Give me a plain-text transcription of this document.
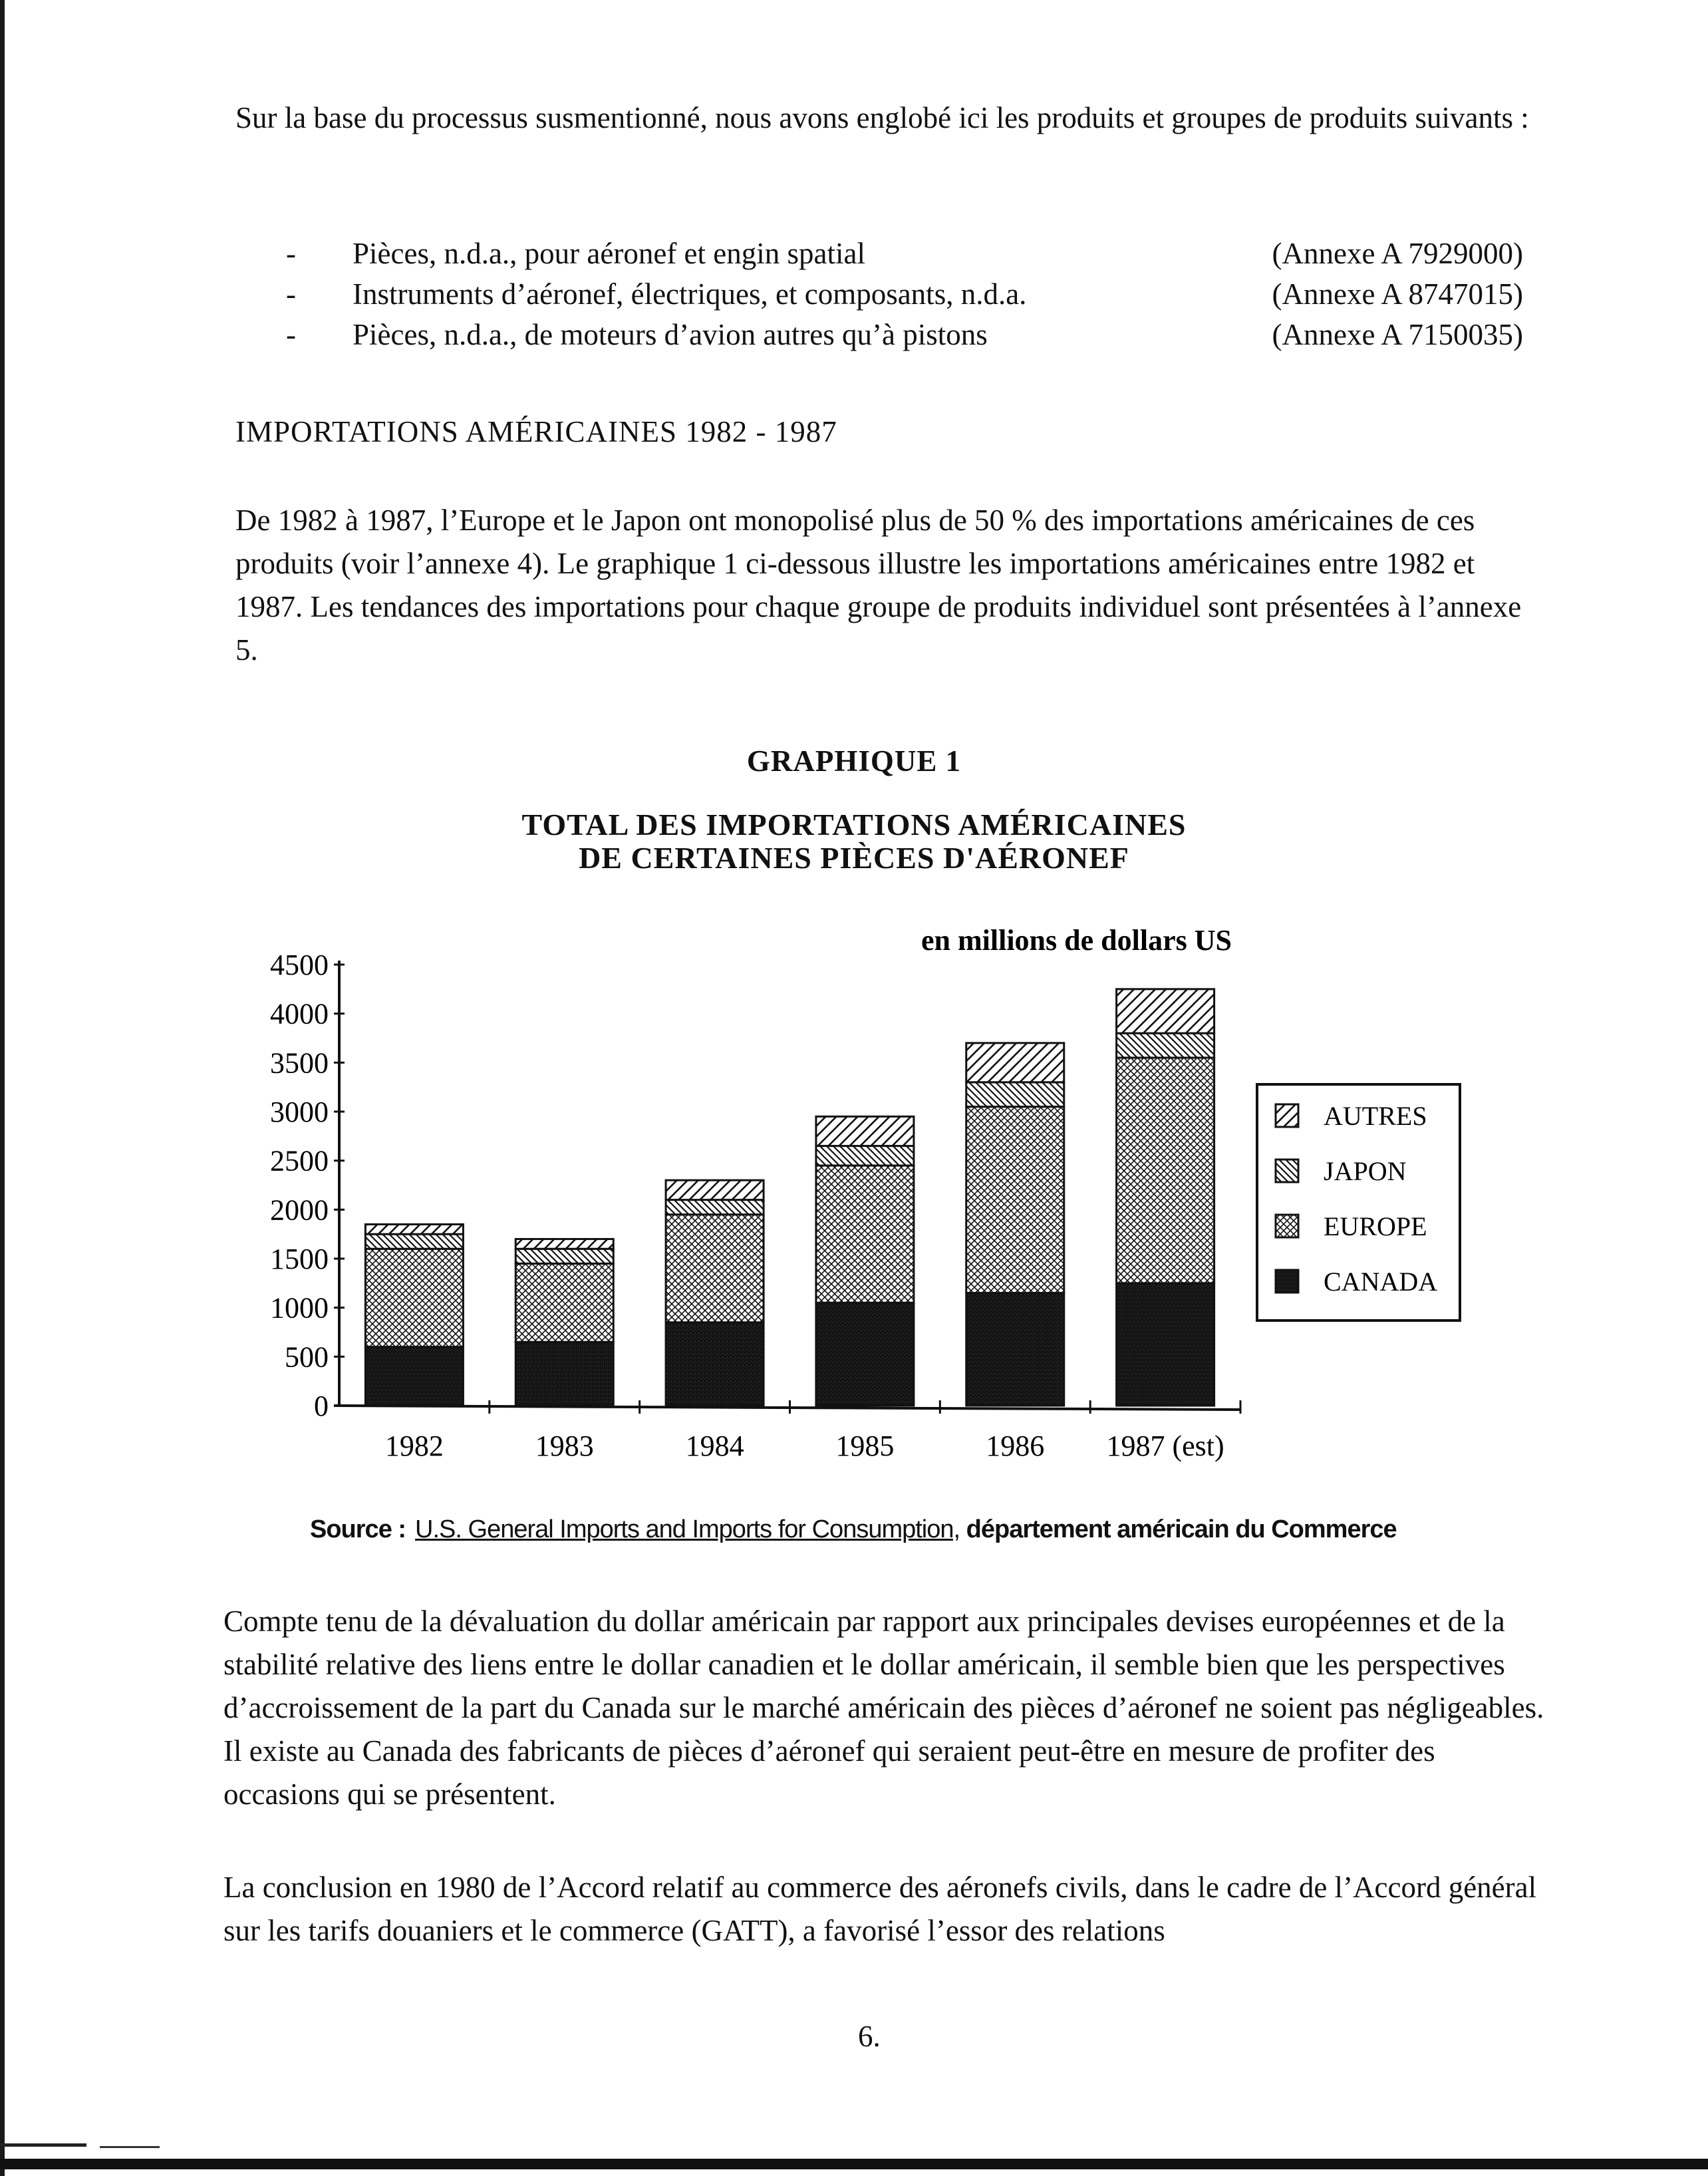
Sur la base du processus susmentionné, nous avons englobé ici les produits et groupes de produits suivants :

-	Pièces, n.d.a., pour aéronef et engin spatial	(Annexe A 7929000)
-	Instruments d’aéronef, électriques, et composants, n.d.a.	(Annexe A 8747015)
-	Pièces, n.d.a., de moteurs d’avion autres qu’à pistons	(Annexe A 7150035)
IMPORTATIONS AMÉRICAINES 1982 - 1987

De 1982 à 1987, l’Europe et le Japon ont monopolisé plus de 50 % des importations américaines de ces produits (voir l’annexe 4). Le graphique 1 ci-dessous illustre les importations américaines entre 1982 et 1987. Les tendances des importations pour chaque groupe de produits individuel sont présentées à l’annexe 5.

GRAPHIQUE 1
TOTAL DES IMPORTATIONS AMÉRICAINES
DE CERTAINES PIÈCES D'AÉRONEF
en millions de dollars US
0
500
1000
1500
2000
2500
3000
3500
4000
4500
1982	1983	1984	1985	1986 1987 (est)
AUTRES
JAPON
EUROPE
CANADA
Source : U.S. General Imports and Imports for Consumption, département américain du Commerce

Compte tenu de la dévaluation du dollar américain par rapport aux principales devises européennes et de la stabilité relative des liens entre le dollar canadien et le dollar américain, il semble bien que les perspectives d’accroissement de la part du Canada sur le marché américain des pièces d’aéronef ne soient pas négligeables. Il existe au Canada des fabricants de pièces d’aéronef qui seraient peut-être en mesure de profiter des occasions qui se présentent.

La conclusion en 1980 de l’Accord relatif au commerce des aéronefs civils, dans le cadre de l’Accord général sur les tarifs douaniers et le commerce (GATT), a favorisé l’essor des relations

6.
